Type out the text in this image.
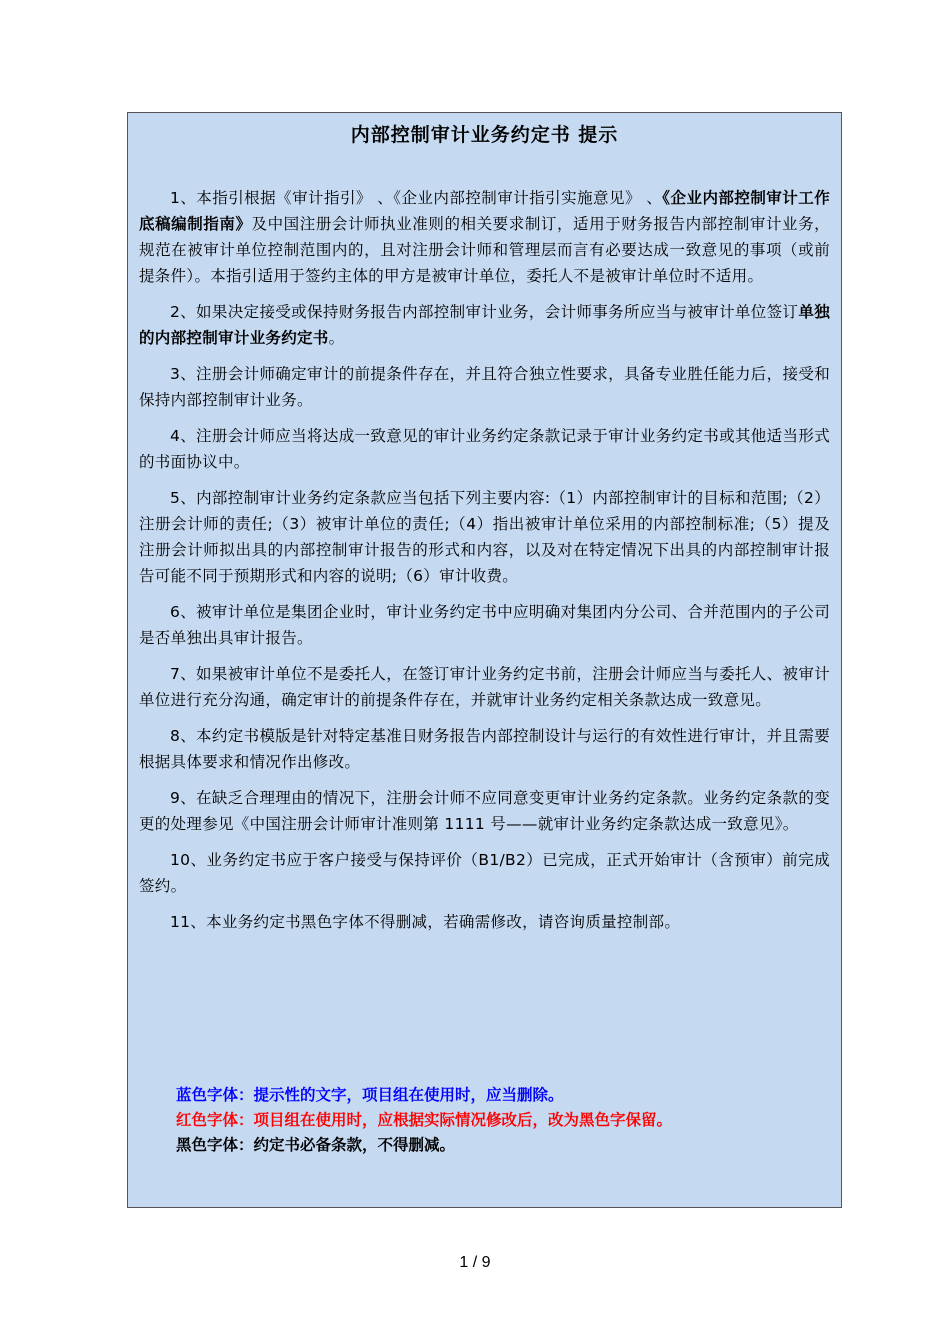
内部控制审计业务约定书 提示

1、本指引根据《审计指引》 、《企业内部控制审计指引实施意见》 、《企业内部控制审计工作底稿编制指南》及中国注册会计师执业准则的相关要求制订，适用于财务报告内部控制审计业务，规范在被审计单位控制范围内的，且对注册会计师和管理层而言有必要达成一致意见的事项（或前提条件）。本指引适用于签约主体的甲方是被审计单位，委托人不是被审计单位时不适用。

2、如果决定接受或保持财务报告内部控制审计业务，会计师事务所应当与被审计单位签订单独的内部控制审计业务约定书。

3、注册会计师确定审计的前提条件存在，并且符合独立性要求，具备专业胜任能力后，接受和保持内部控制审计业务。

4、注册会计师应当将达成一致意见的审计业务约定条款记录于审计业务约定书或其他适当形式的书面协议中。

5、内部控制审计业务约定条款应当包括下列主要内容:（1）内部控制审计的目标和范围;（2）注册会计师的责任;（3）被审计单位的责任;（4）指出被审计单位采用的内部控制标准;（5）提及注册会计师拟出具的内部控制审计报告的形式和内容，以及对在特定情况下出具的内部控制审计报告可能不同于预期形式和内容的说明;（6）审计收费。

6、被审计单位是集团企业时，审计业务约定书中应明确对集团内分公司、合并范围内的子公司是否单独出具审计报告。

7、如果被审计单位不是委托人，在签订审计业务约定书前，注册会计师应当与委托人、被审计单位进行充分沟通，确定审计的前提条件存在，并就审计业务约定相关条款达成一致意见。

8、本约定书模版是针对特定基准日财务报告内部控制设计与运行的有效性进行审计，并且需要根据具体要求和情况作出修改。

9、在缺乏合理理由的情况下，注册会计师不应同意变更审计业务约定条款。业务约定条款的变更的处理参见《中国注册会计师审计准则第 1111 号——就审计业务约定条款达成一致意见》。

10、业务约定书应于客户接受与保持评价（B1/B2）已完成，正式开始审计（含预审）前完成签约。

11、本业务约定书黑色字体不得删减，若确需修改，请咨询质量控制部。

蓝色字体：提示性的文字，项目组在使用时，应当删除。
红色字体：项目组在使用时，应根据实际情况修改后，改为黑色字保留。
黑色字体：约定书必备条款，不得删减。
1 / 9
